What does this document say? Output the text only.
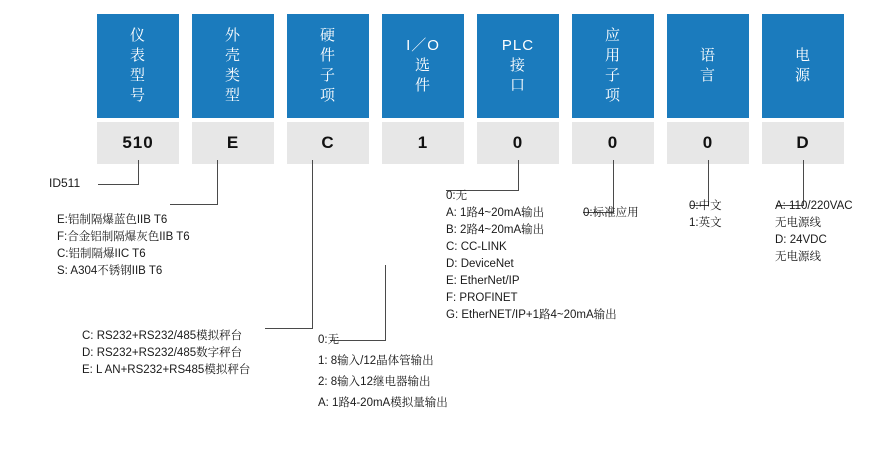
仪
表
型
号
510
外
壳
类
型
E
硬
件
子
项
C
I／O
选
件
1
PLC
接
口
0
应
用
子
项
0
语
言
0
电
源
D
ID511
E:铝制隔爆蓝色IIB T6
F:合金铝制隔爆灰色IIB T6
C:铝制隔爆IIC T6
S: A304不锈钢IIB T6
C: RS232+RS232/485模拟秤台
D: RS232+RS232/485数字秤台
E: L AN+RS232+RS485模拟秤台
0:无
1: 8输入/12晶体管输出
2: 8输入12继电器输出
A: 1路4-20mA模拟量输出
0:无
A: 1路4~20mA输出
B: 2路4~20mA输出
C: CC-LINK
D: DeviceNet
E: EtherNet/IP
F: PROFINET
G: EtherNET/IP+1路4~20mA输出
0:标准应用
0:中文
1:英文
A: 110/220VAC
无电源线
D: 24VDC
无电源线
